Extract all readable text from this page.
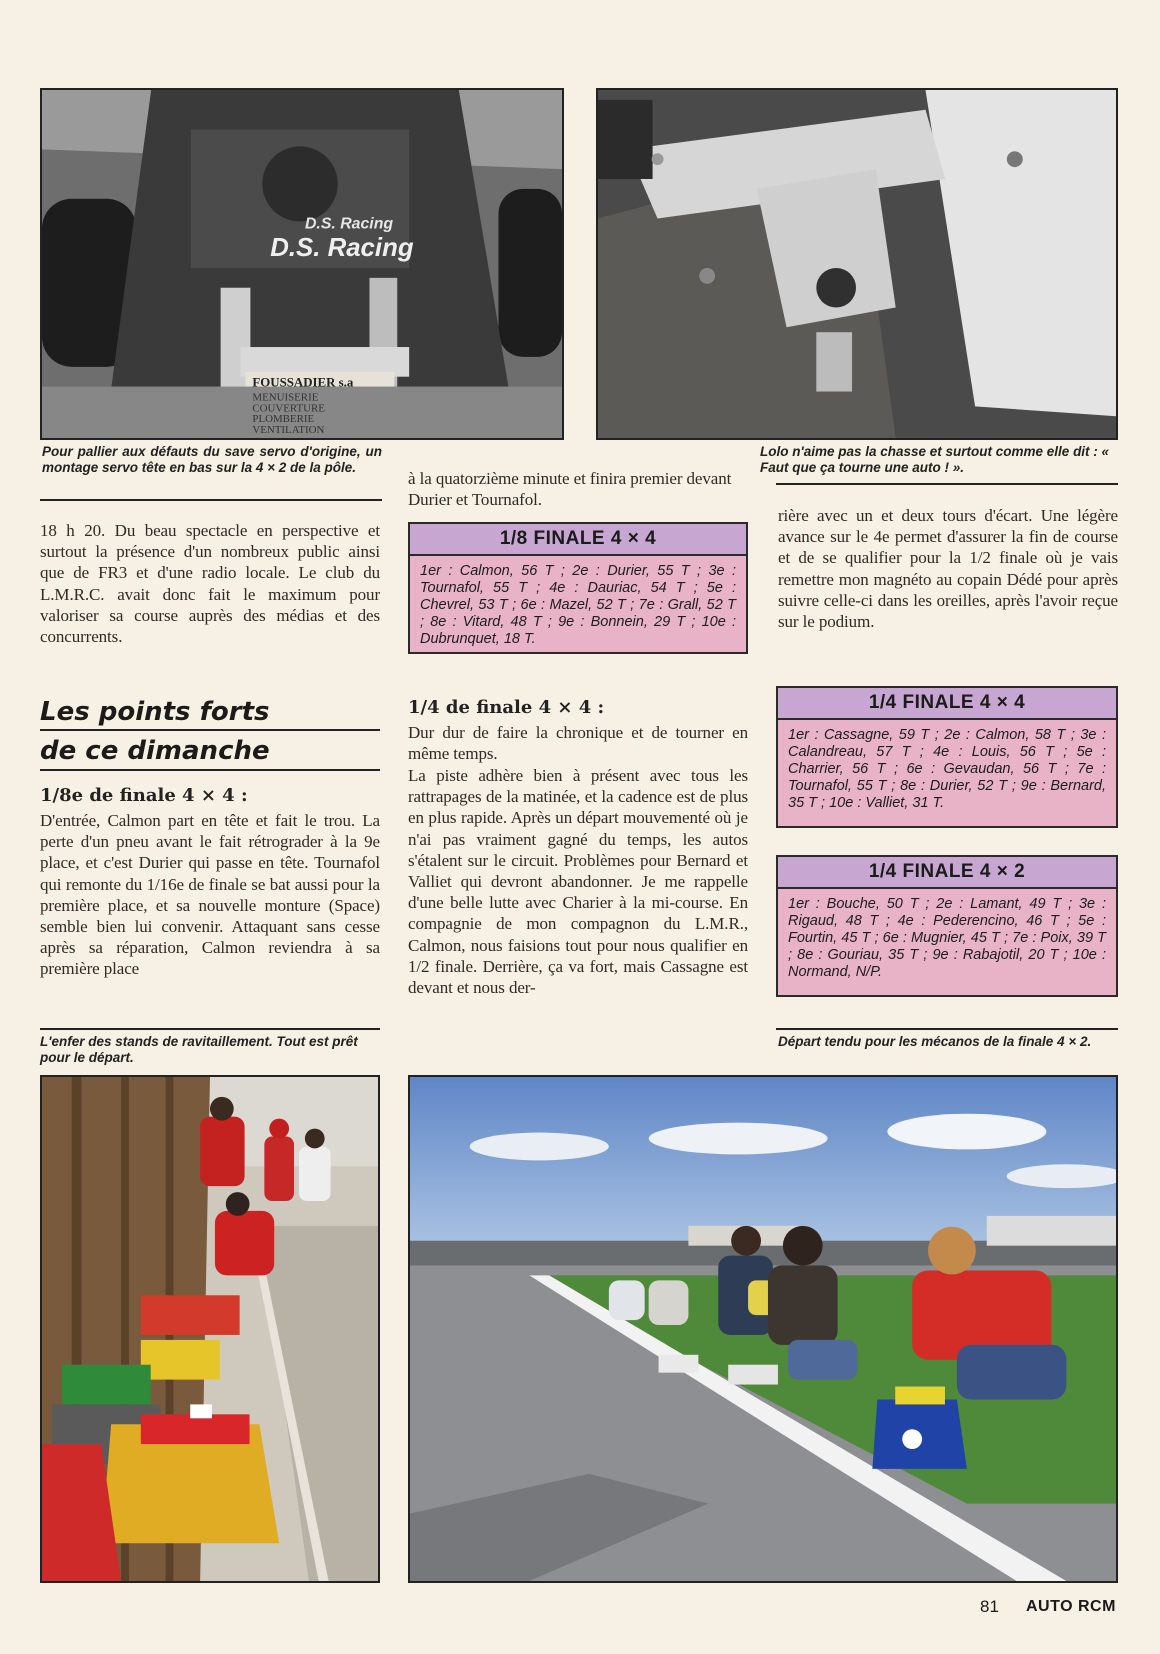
D.S. Racing
D.S. Racing
FOUSSADIER s.a
MENUISERIE
COUVERTURE
PLOMBERIE
VENTILATION
Pour pallier aux défauts du save servo d'origine, un montage servo tête en bas sur la 4 × 2 de la pôle.
Lolo n'aime pas la chasse et surtout comme elle dit : « Faut que ça tourne une auto ! ».
18 h 20. Du beau spectacle en perspective et surtout la présence d'un nombreux public ainsi que de FR3 et d'une radio locale. Le club du L.M.R.C. avait donc fait le maximum pour valoriser sa course auprès des médias et des concurrents.
Les points forts
de ce dimanche
1/8e de finale 4 × 4 :
D'entrée, Calmon part en tête et fait le trou. La perte d'un pneu avant le fait rétrograder à la 9e place, et c'est Durier qui passe en tête. Tournafol qui remonte du 1/16e de finale se bat aussi pour la première place, et sa nouvelle monture (Space) semble bien lui convenir. Attaquant sans cesse après sa réparation, Calmon reviendra à sa première place
L'enfer des stands de ravitaillement. Tout est prêt pour le départ.
à la quatorzième minute et finira premier devant Durier et Tournafol.
1/8 FINALE 4 × 4
1er : Calmon, 56 T ; 2e : Durier, 55 T ; 3e : Tournafol, 55 T ; 4e : Dauriac, 54 T ; 5e : Chevrel, 53 T ; 6e : Mazel, 52 T ; 7e : Grall, 52 T ; 8e : Vitard, 48 T ; 9e : Bonnein, 29 T ; 10e : Dubrunquet, 18 T.
1/4 de finale 4 × 4 :
Dur dur de faire la chronique et de tourner en même temps.
La piste adhère bien à présent avec tous les rattrapages de la matinée, et la cadence est de plus en plus rapide. Après un départ mouvementé où je n'ai pas vraiment gagné du temps, les autos s'étalent sur le circuit. Problèmes pour Bernard et Valliet qui devront abandonner. Je me rappelle d'une belle lutte avec Charier à la mi-course. En compagnie de mon compagnon du L.M.R., Calmon, nous faisions tout pour nous qualifier en 1/2 finale. Derrière, ça va fort, mais Cassagne est devant et nous der-
rière avec un et deux tours d'écart. Une légère avance sur le 4e permet d'assurer la fin de course et de se qualifier pour la 1/2 finale où je vais remettre mon magnéto au copain Dédé pour après suivre celle-ci dans les oreilles, après l'avoir reçue sur le podium.
1/4 FINALE 4 × 4
1er : Cassagne, 59 T ; 2e : Calmon, 58 T ; 3e : Calandreau, 57 T ; 4e : Louis, 56 T ; 5e : Charrier, 56 T ; 6e : Gevaudan, 56 T ; 7e : Tournafol, 55 T ; 8e : Durier, 52 T ; 9e : Bernard, 35 T ; 10e : Valliet, 31 T.
1/4 FINALE 4 × 2
1er : Bouche, 50 T ; 2e : Lamant, 49 T ; 3e : Rigaud, 48 T ; 4e : Pederencino, 46 T ; 5e : Fourtin, 45 T ; 6e : Mugnier, 45 T ; 7e : Poix, 39 T ; 8e : Gouriau, 35 T ; 9e : Rabajotil, 20 T ; 10e : Normand, N/P.
Départ tendu pour les mécanos de la finale 4 × 2.
81 AUTO RCM
